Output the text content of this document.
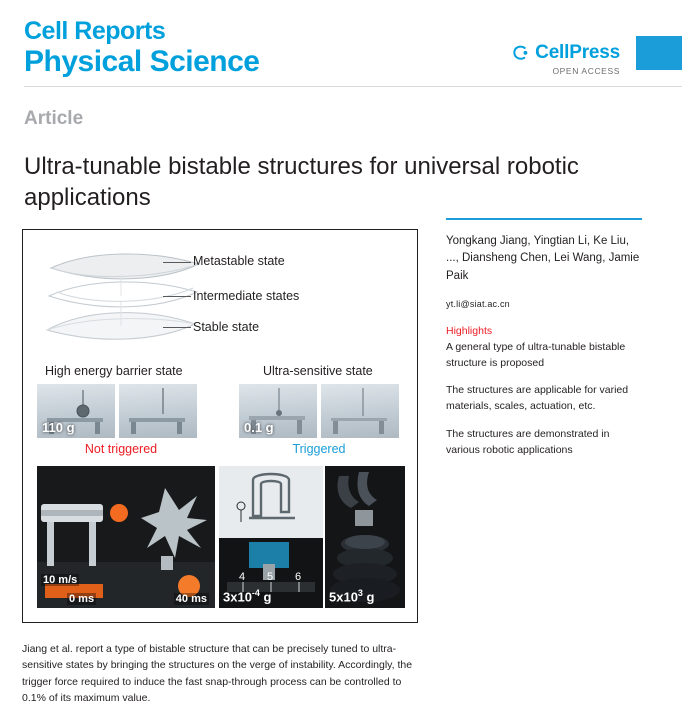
Cell Reports
Physical Science	CellPress
OPEN ACCESS
Article
Ultra-tunable bistable structures for universal robotic applications
Metastable state
Intermediate states
Stable state
High energy barrier state	Ultra-sensitive state
110 g	0.1 g
Not triggered	Triggered
10 m/s
0 ms	40 ms
4 5 6
$3x10^{-4}$ g	$5x10^3$ g
Jiang et al. report a type of bistable structure that can be precisely tuned to ultra-sensitive states by bringing the structures on the verge of instability. Accordingly, the trigger force required to induce the fast snap-through process can be controlled to 0.1% of its maximum value.
Yongkang Jiang, Yingtian Li, Ke Liu, ..., Diansheng Chen, Lei Wang, Jamie Paik
yt.li@siat.ac.cn
Highlights
A general type of ultra-tunable bistable structure is proposed
The structures are applicable for varied materials, scales, actuation, etc.
The structures are demonstrated in various robotic applications
